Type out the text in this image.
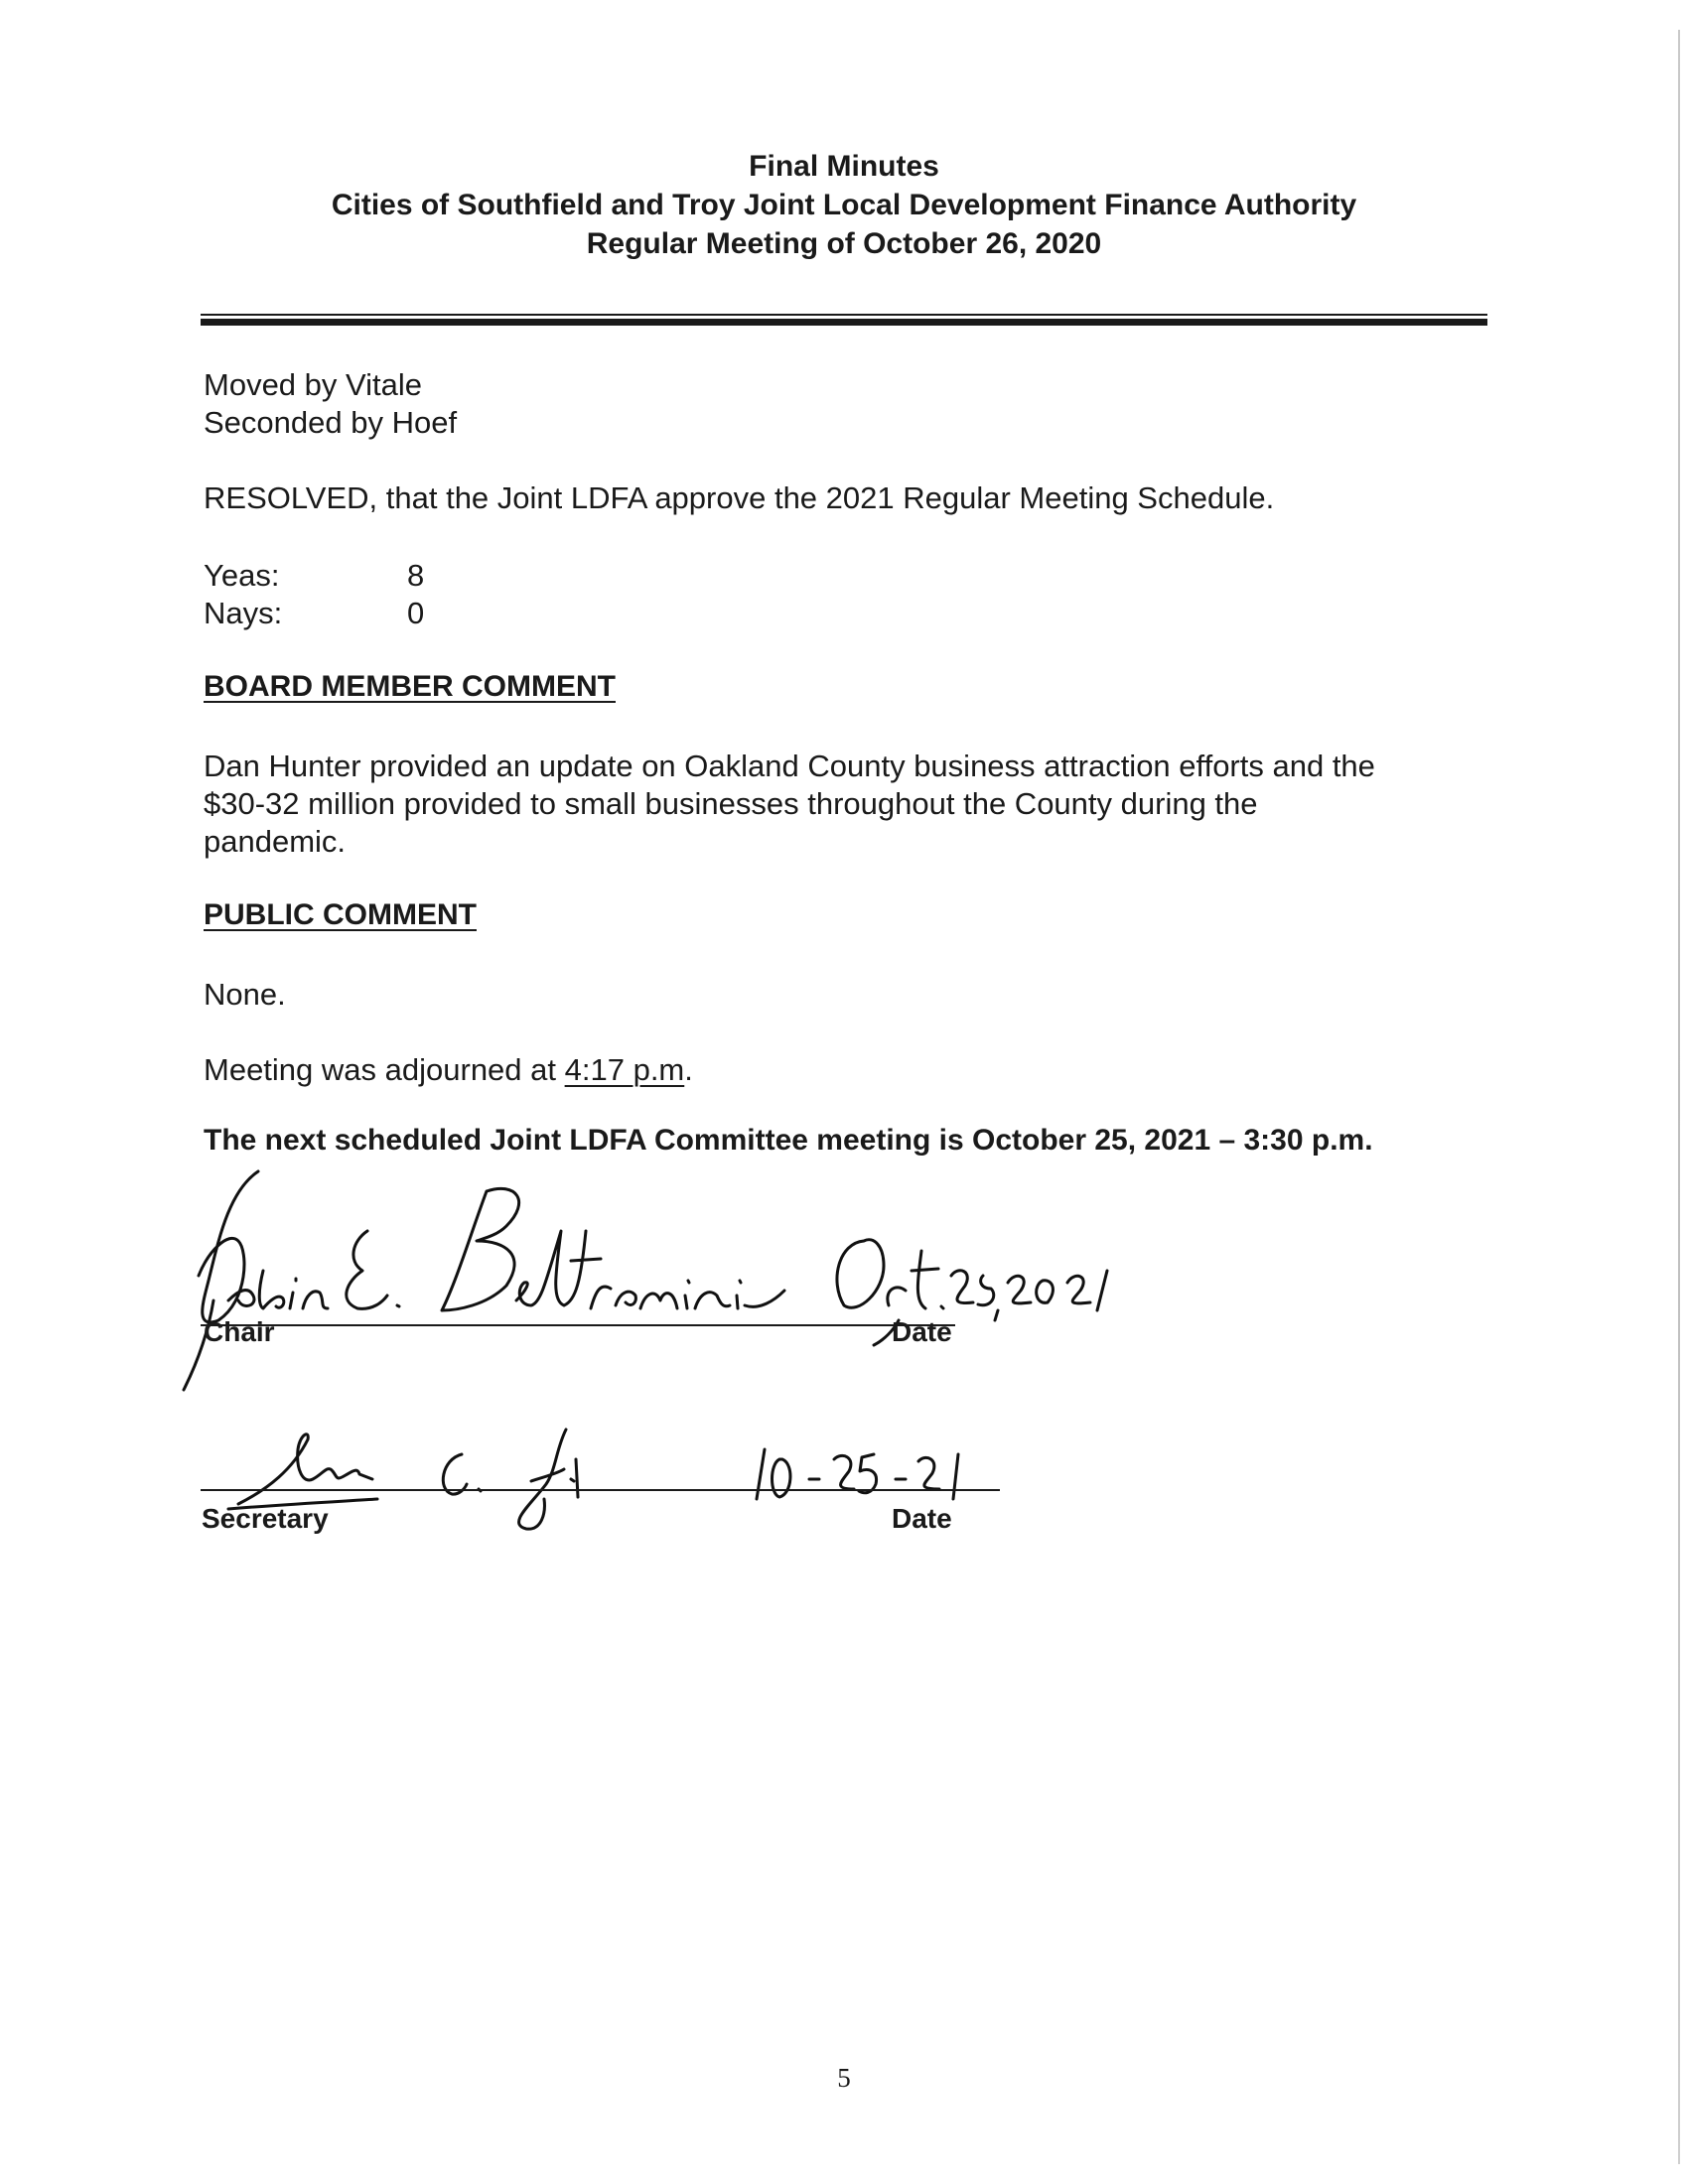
Final Minutes
Cities of Southfield and Troy Joint Local Development Finance Authority
Regular Meeting of October 26, 2020
Moved by Vitale
Seconded by Hoef
RESOLVED, that the Joint LDFA approve the 2021 Regular Meeting Schedule.
Yeas:	8
Nays:	0
BOARD MEMBER COMMENT
Dan Hunter provided an update on Oakland County business attraction efforts and the
$30-32 million provided to small businesses throughout the County during the
pandemic.
PUBLIC COMMENT
None.
Meeting was adjourned at 4:17 p.m.
The next scheduled Joint LDFA Committee meeting is October 25, 2021 – 3:30 p.m.
Chair	Date
Secretary	Date
5
